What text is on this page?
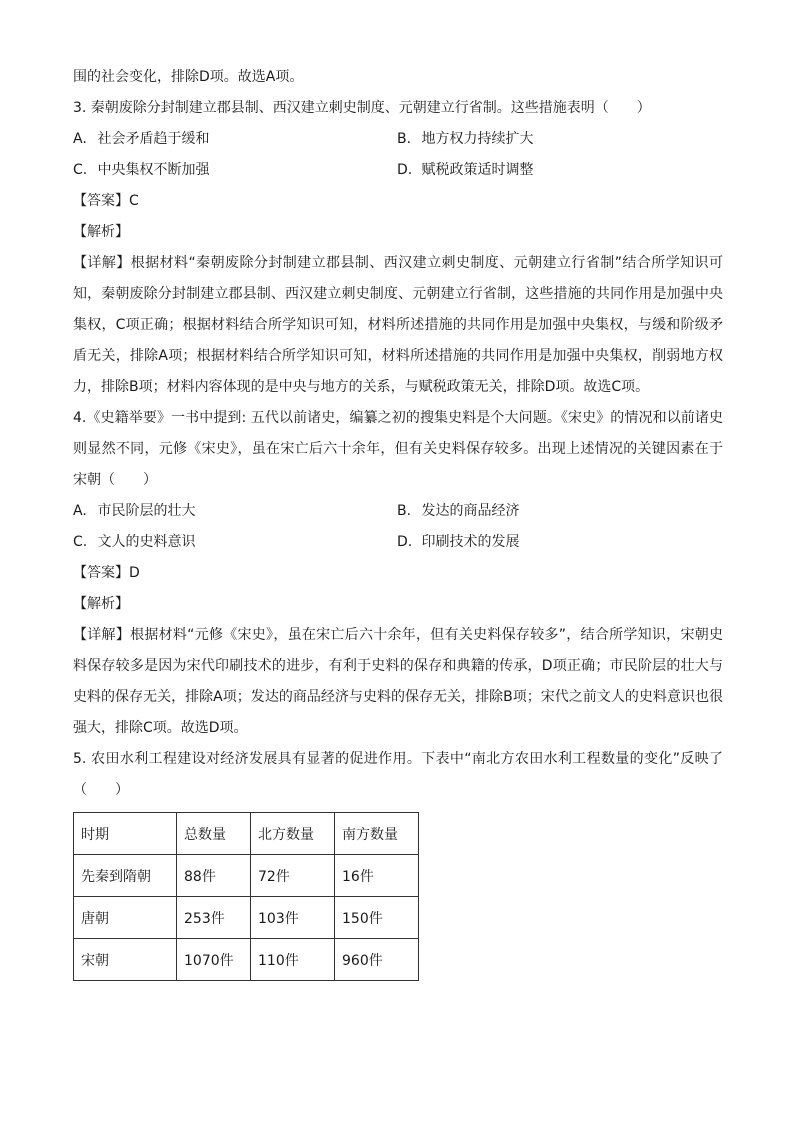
围的社会变化，排除D项。故选A项。
3. 秦朝废除分封制建立郡县制、西汉建立刺史制度、元朝建立行省制。这些措施表明（　　）
A. 社会矛盾趋于缓和	B. 地方权力持续扩大
C. 中央集权不断加强	D. 赋税政策适时调整
【答案】C
【解析】
【详解】根据材料“秦朝废除分封制建立郡县制、西汉建立刺史制度、元朝建立行省制”结合所学知识可知，秦朝废除分封制建立郡县制、西汉建立刺史制度、元朝建立行省制，这些措施的共同作用是加强中央集权，C项正确；根据材料结合所学知识可知，材料所述措施的共同作用是加强中央集权，与缓和阶级矛盾无关，排除A项；根据材料结合所学知识可知，材料所述措施的共同作用是加强中央集权，削弱地方权力，排除B项；材料内容体现的是中央与地方的关系，与赋税政策无关，排除D项。故选C项。
4.《史籍举要》一书中提到: 五代以前诸史，编纂之初的搜集史料是个大问题。《宋史》的情况和以前诸史则显然不同，元修《宋史》，虽在宋亡后六十余年，但有关史料保存较多。出现上述情况的关键因素在于宋朝（　　）
A. 市民阶层的壮大	B. 发达的商品经济
C. 文人的史料意识	D. 印刷技术的发展
【答案】D
【解析】
【详解】根据材料“元修《宋史》，虽在宋亡后六十余年，但有关史料保存较多”，结合所学知识，宋朝史料保存较多是因为宋代印刷技术的进步，有利于史料的保存和典籍的传承，D项正确；市民阶层的壮大与史料的保存无关，排除A项；发达的商品经济与史料的保存无关，排除B项；宋代之前文人的史料意识也很强大，排除C项。故选D项。
5. 农田水利工程建设对经济发展具有显著的促进作用。下表中“南北方农田水利工程数量的变化”反映了（　　）
时期	总数量	北方数量	南方数量
先秦到隋朝	88件	72件	16件
唐朝	253件	103件	150件
宋朝	1070件	110件	960件
